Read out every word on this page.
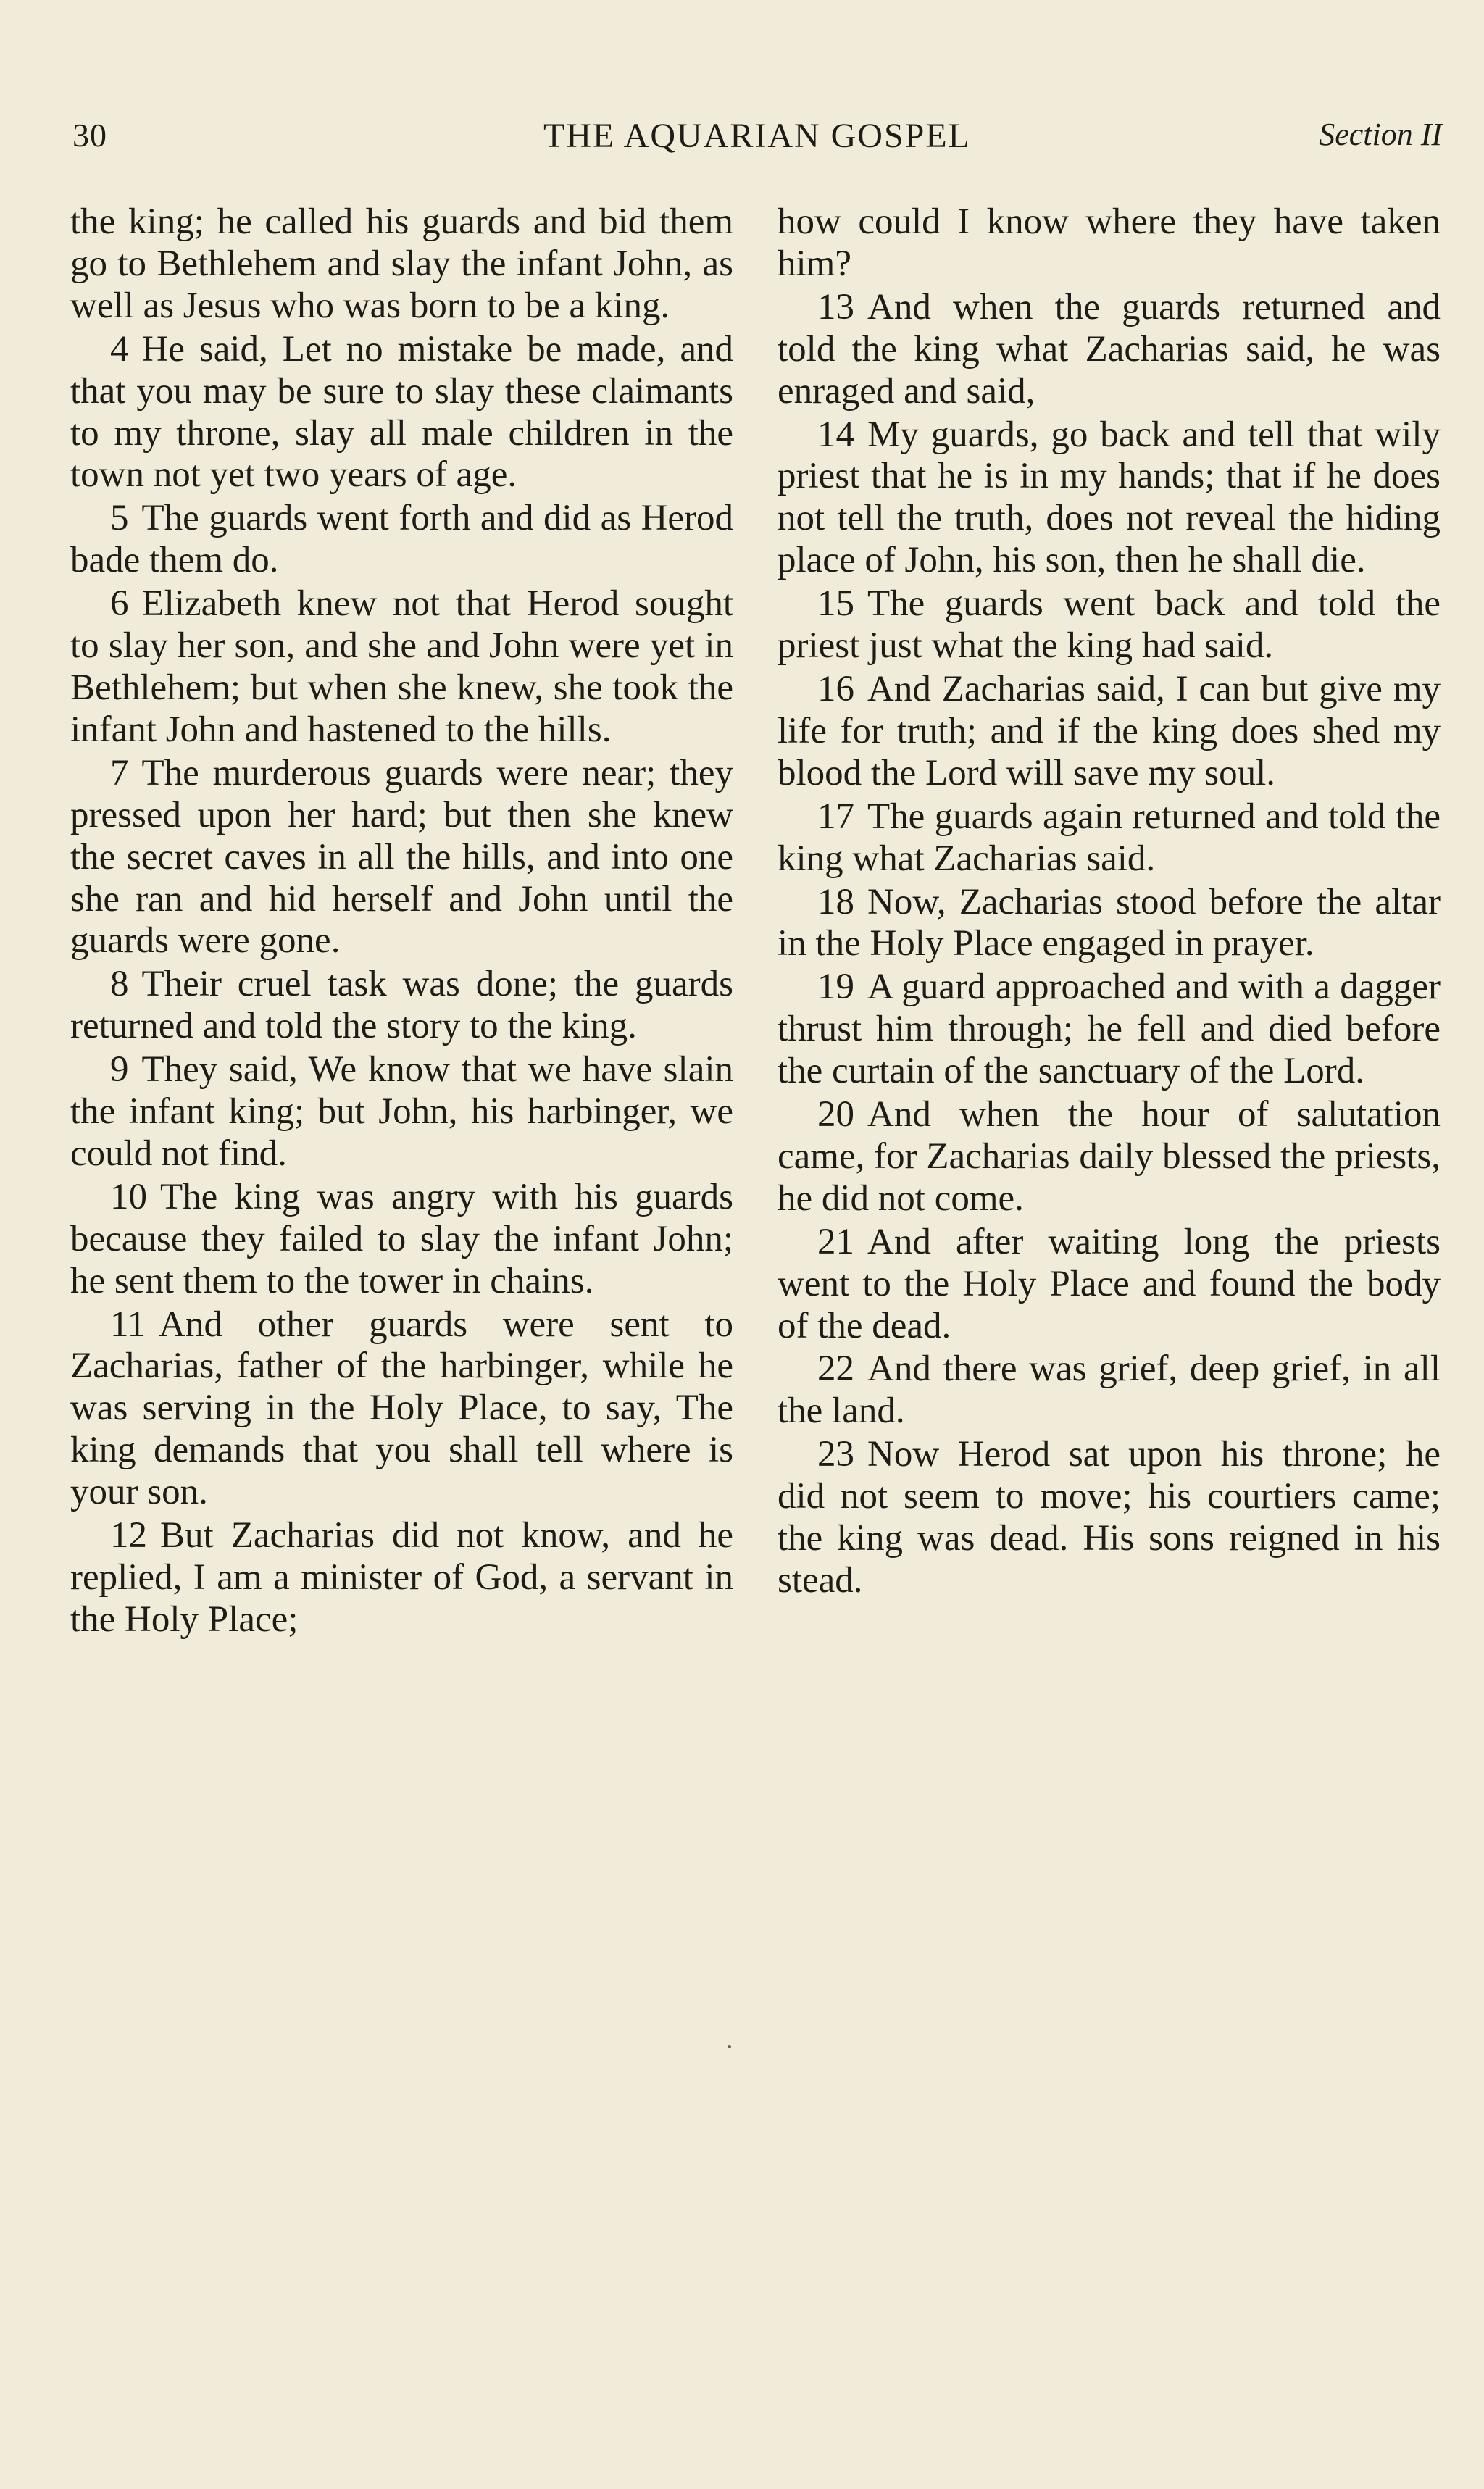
30	THE AQUARIAN GOSPEL	Section II

the king; he called his guards and bid them go to Bethlehem and slay the infant John, as well as Jesus who was born to be a king.

4 He said, Let no mistake be made, and that you may be sure to slay these claimants to my throne, slay all male children in the town not yet two years of age.

5 The guards went forth and did as Herod bade them do.

6 Elizabeth knew not that Herod sought to slay her son, and she and John were yet in Bethlehem; but when she knew, she took the infant John and hastened to the hills.

7 The murderous guards were near; they pressed upon her hard; but then she knew the secret caves in all the hills, and into one she ran and hid herself and John until the guards were gone.

8 Their cruel task was done; the guards returned and told the story to the king.

9 They said, We know that we have slain the infant king; but John, his harbinger, we could not find.

10 The king was angry with his guards because they failed to slay the infant John; he sent them to the tower in chains.

11 And other guards were sent to Zacharias, father of the harbinger, while he was serving in the Holy Place, to say, The king demands that you shall tell where is your son.

12 But Zacharias did not know, and he replied, I am a minister of God, a servant in the Holy Place;

how could I know where they have taken him?

13 And when the guards returned and told the king what Zacharias said, he was enraged and said,

14 My guards, go back and tell that wily priest that he is in my hands; that if he does not tell the truth, does not reveal the hiding place of John, his son, then he shall die.

15 The guards went back and told the priest just what the king had said.

16 And Zacharias said, I can but give my life for truth; and if the king does shed my blood the Lord will save my soul.

17 The guards again returned and told the king what Zacharias said.

18 Now, Zacharias stood before the altar in the Holy Place engaged in prayer.

19 A guard approached and with a dagger thrust him through; he fell and died before the curtain of the sanctuary of the Lord.

20 And when the hour of salutation came, for Zacharias daily blessed the priests, he did not come.

21 And after waiting long the priests went to the Holy Place and found the body of the dead.

22 And there was grief, deep grief, in all the land.

23 Now Herod sat upon his throne; he did not seem to move; his courtiers came; the king was dead. His sons reigned in his stead.
